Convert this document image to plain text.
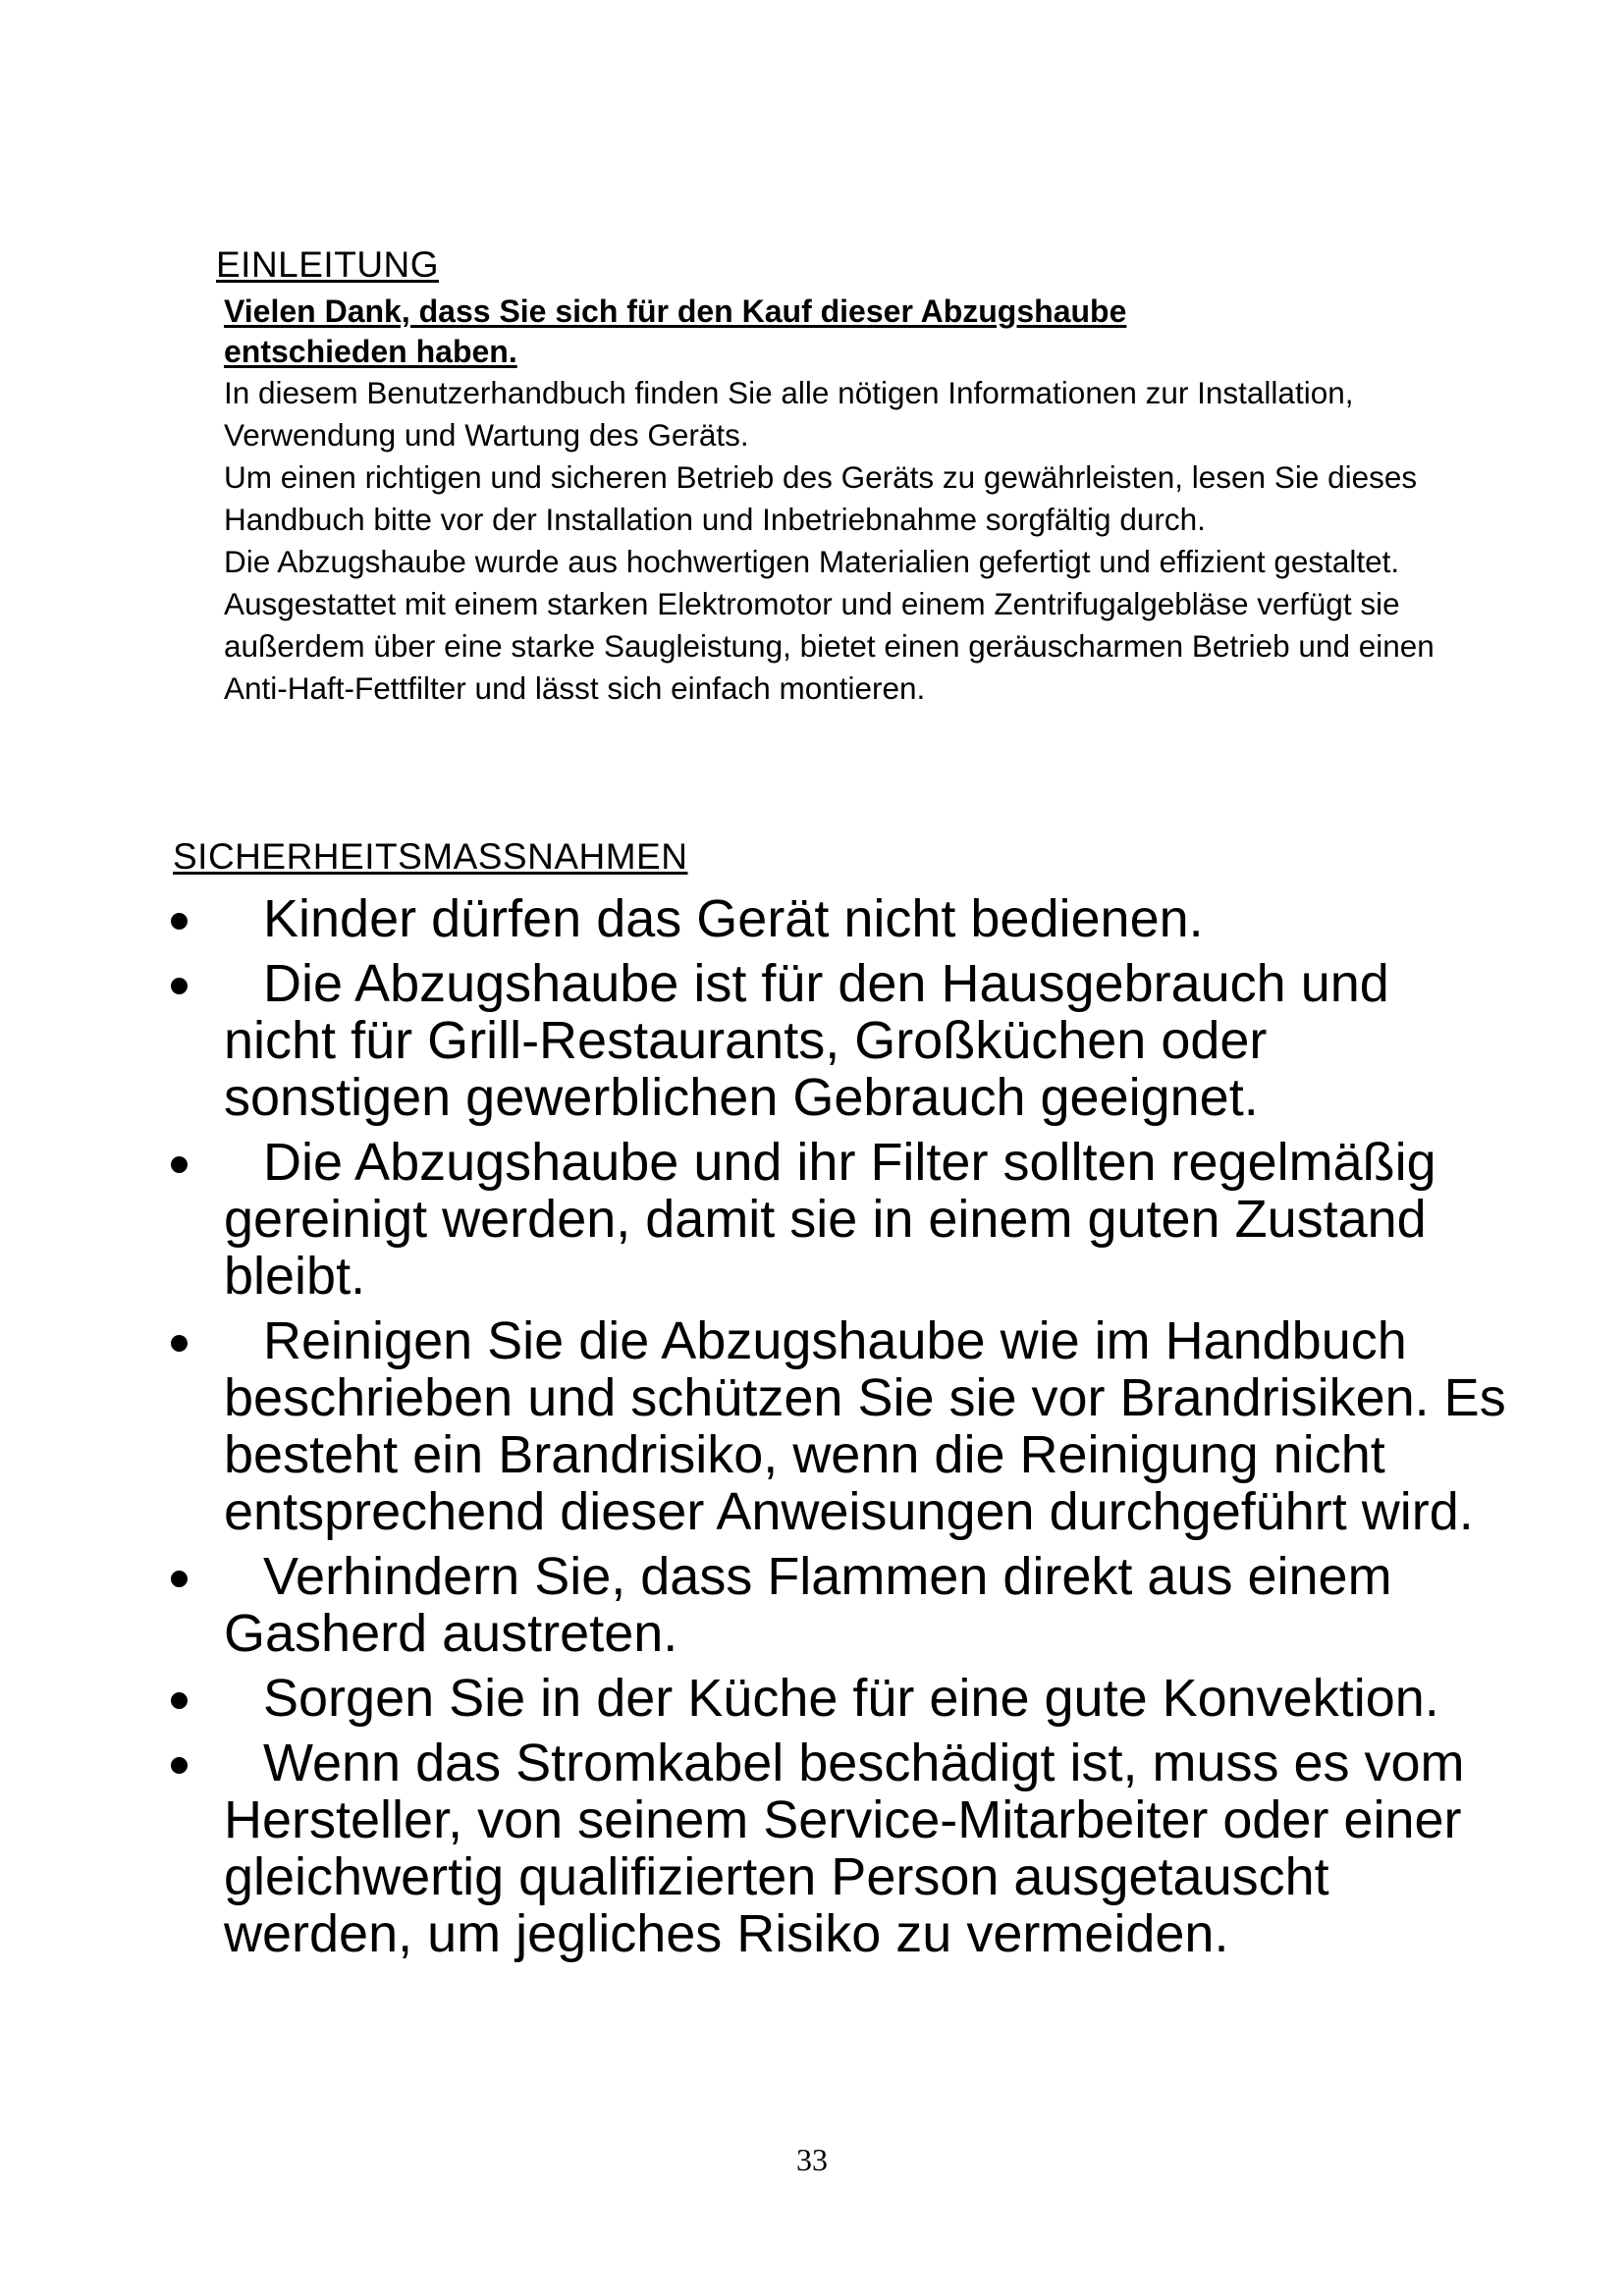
EINLEITUNG

Vielen Dank, dass Sie sich für den Kauf dieser Abzugshaube entschieden haben.

In diesem Benutzerhandbuch finden Sie alle nötigen Informationen zur Installation, Verwendung und Wartung des Geräts.

Um einen richtigen und sicheren Betrieb des Geräts zu gewährleisten, lesen Sie dieses Handbuch bitte vor der Installation und Inbetriebnahme sorgfältig durch.

Die Abzugshaube wurde aus hochwertigen Materialien gefertigt und effizient gestaltet. Ausgestattet mit einem starken Elektromotor und einem Zentrifugalgebläse verfügt sie außerdem über eine starke Saugleistung, bietet einen geräuscharmen Betrieb und einen Anti-Haft-Fettfilter und lässt sich einfach montieren.

SICHERHEITSMASSNAHMEN
Kinder dürfen das Gerät nicht bedienen.
Die Abzugshaube ist für den Hausgebrauch und nicht für Grill-Restaurants, Großküchen oder sonstigen gewerblichen Gebrauch geeignet.
Die Abzugshaube und ihr Filter sollten regelmäßig gereinigt werden, damit sie in einem guten Zustand bleibt.
Reinigen Sie die Abzugshaube wie im Handbuch beschrieben und schützen Sie sie vor Brandrisiken. Es besteht ein Brandrisiko, wenn die Reinigung nicht entsprechend dieser Anweisungen durchgeführt wird.
Verhindern Sie, dass Flammen direkt aus einem Gasherd austreten.
Sorgen Sie in der Küche für eine gute Konvektion.
Wenn das Stromkabel beschädigt ist, muss es vom Hersteller, von seinem Service-Mitarbeiter oder einer gleichwertig qualifizierten Person ausgetauscht werden, um jegliches Risiko zu vermeiden.
33
